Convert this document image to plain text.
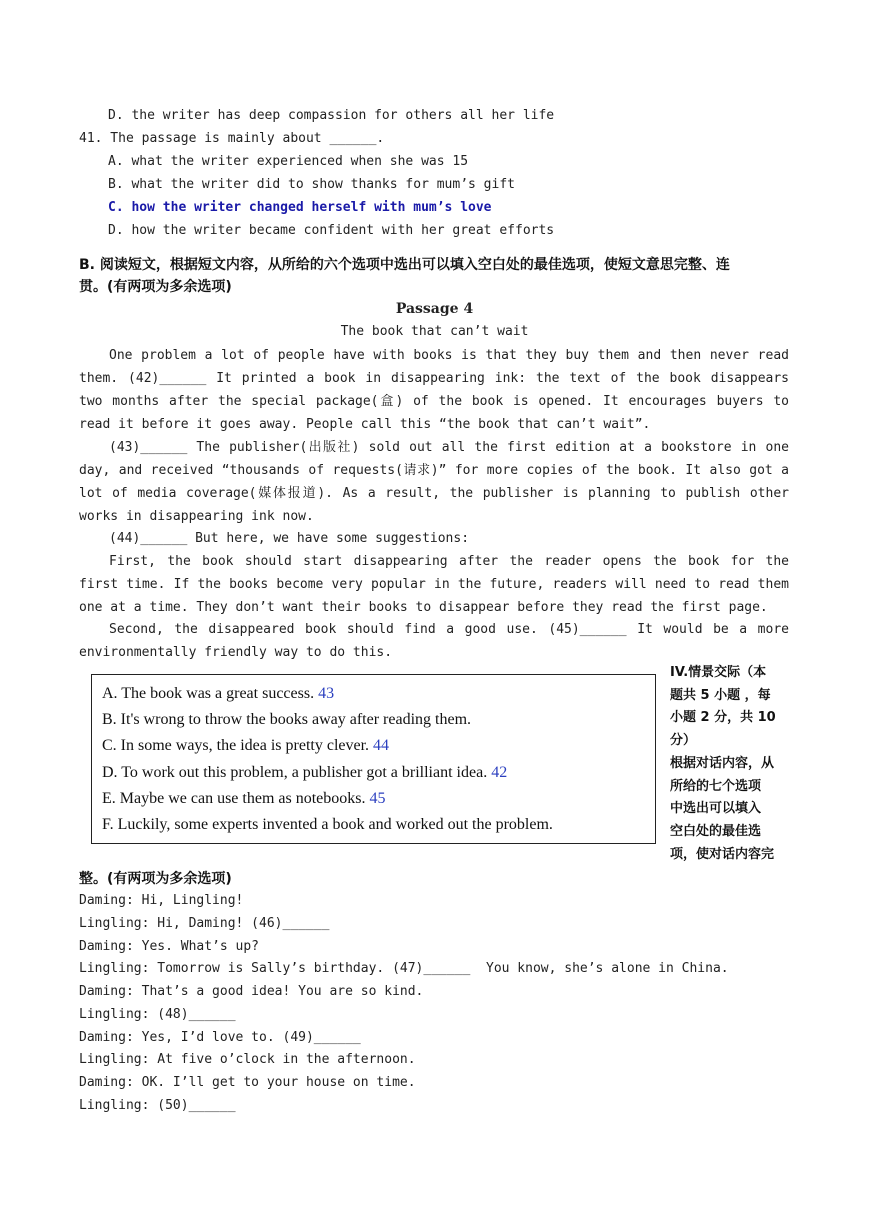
D. the writer has deep compassion for others all her life
41. The passage is mainly about ______.
A. what the writer experienced when she was 15
B. what the writer did to show thanks for mum’s gift
C. how the writer changed herself with mum’s love
D. how the writer became confident with her great efforts
B. 阅读短文，根据短文内容，从所给的六个选项中选出可以填入空白处的最佳选项，使短文意思完整、连
贯。(有两项为多余选项)
Passage 4
The book that can’t wait
One problem a lot of people have with books is that they buy them and then never read them. (42)______ It printed a book in disappearing ink: the text of the book disappears two months after the special package(盒) of the book is opened. It encourages buyers to read it before it goes away. People call this “the book that can’t wait”.
(43)______ The publisher(出版社) sold out all the first edition at a bookstore in one day, and received “thousands of requests(请求)” for more copies of the book. It also got a lot of media coverage(媒体报道). As a result, the publisher is planning to publish other works in disappearing ink now.
(44)______ But here, we have some suggestions:
First, the book should start disappearing after the reader opens the book for the first time. If the books become very popular in the future, readers will need to read them one at a time. They don’t want their books to disappear before they read the first page.
Second, the disappeared book should find a good use. (45)______ It would be a more environmentally friendly way to do this.
A. The book was a great success. 43
B. It's wrong to throw the books away after reading them.
C. In some ways, the idea is pretty clever. 44
D. To work out this problem, a publisher got a brilliant idea. 42
E. Maybe we can use them as notebooks. 45
F. Luckily, some experts invented a book and worked out the problem.
IV.情景交际（本
题共 5 小题 ，每
小题 2 分，共 10
分）
根据对话内容，从
所给的七个选项
中选出可以填入
空白处的最佳选
项，使对话内容完
整。(有两项为多余选项)
Daming: Hi, Lingling!
Lingling: Hi, Daming! (46)______
Daming: Yes. What’s up?
Lingling: Tomorrow is Sally’s birthday. (47)______  You know, she’s alone in China.
Daming: That’s a good idea! You are so kind.
Lingling: (48)______
Daming: Yes, I’d love to. (49)______
Lingling: At five o’clock in the afternoon.
Daming: OK. I’ll get to your house on time.
Lingling: (50)______
